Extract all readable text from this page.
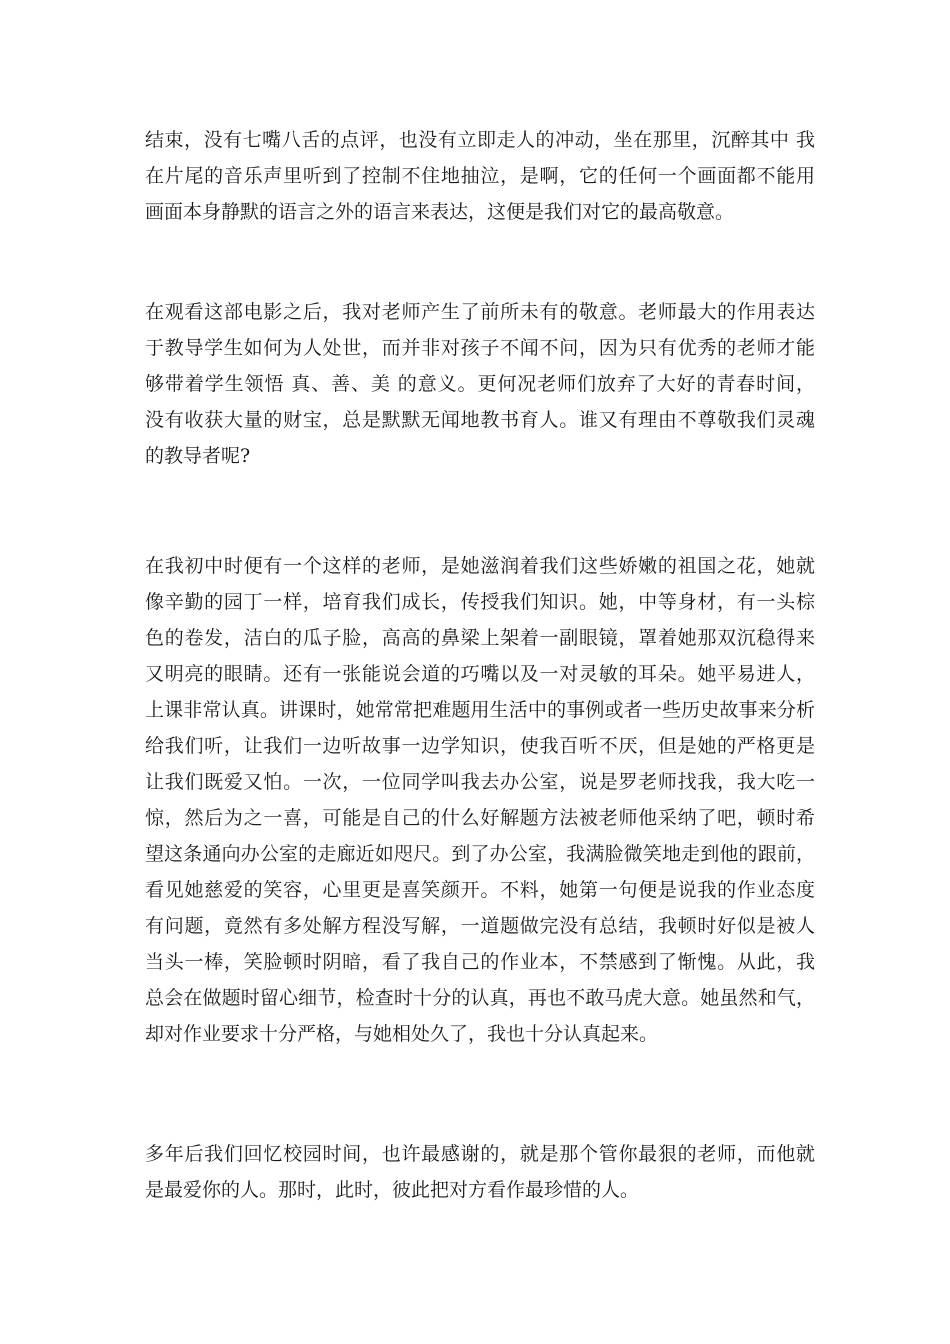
结束，没有七嘴八舌的点评，也没有立即走人的冲动，坐在那里，沉醉其中 我
在片尾的音乐声里听到了控制不住地抽泣，是啊，它的任何一个画面都不能用
画面本身静默的语言之外的语言来表达，这便是我们对它的最高敬意。
在观看这部电影之后，我对老师产生了前所未有的敬意。老师最大的作用表达
于教导学生如何为人处世，而并非对孩子不闻不问，因为只有优秀的老师才能
够带着学生领悟 真、善、美 的意义。更何况老师们放弃了大好的青春时间，
没有收获大量的财宝，总是默默无闻地教书育人。谁又有理由不尊敬我们灵魂
的教导者呢?
在我初中时便有一个这样的老师，是她滋润着我们这些娇嫩的祖国之花，她就
像辛勤的园丁一样，培育我们成长，传授我们知识。她，中等身材，有一头棕
色的卷发，洁白的瓜子脸，高高的鼻梁上架着一副眼镜，罩着她那双沉稳得来
又明亮的眼睛。还有一张能说会道的巧嘴以及一对灵敏的耳朵。她平易进人，
上课非常认真。讲课时，她常常把难题用生活中的事例或者一些历史故事来分析
给我们听，让我们一边听故事一边学知识，使我百听不厌，但是她的严格更是
让我们既爱又怕。一次，一位同学叫我去办公室，说是罗老师找我，我大吃一
惊，然后为之一喜，可能是自己的什么好解题方法被老师他采纳了吧，顿时希
望这条通向办公室的走廊近如咫尺。到了办公室，我满脸微笑地走到他的跟前，
看见她慈爱的笑容，心里更是喜笑颜开。不料，她第一句便是说我的作业态度
有问题，竟然有多处解方程没写解，一道题做完没有总结，我顿时好似是被人
当头一棒，笑脸顿时阴暗，看了我自己的作业本，不禁感到了惭愧。从此，我
总会在做题时留心细节，检查时十分的认真，再也不敢马虎大意。她虽然和气，
却对作业要求十分严格，与她相处久了，我也十分认真起来。
多年后我们回忆校园时间，也许最感谢的，就是那个管你最狠的老师，而他就
是最爱你的人。那时，此时，彼此把对方看作最珍惜的人。
